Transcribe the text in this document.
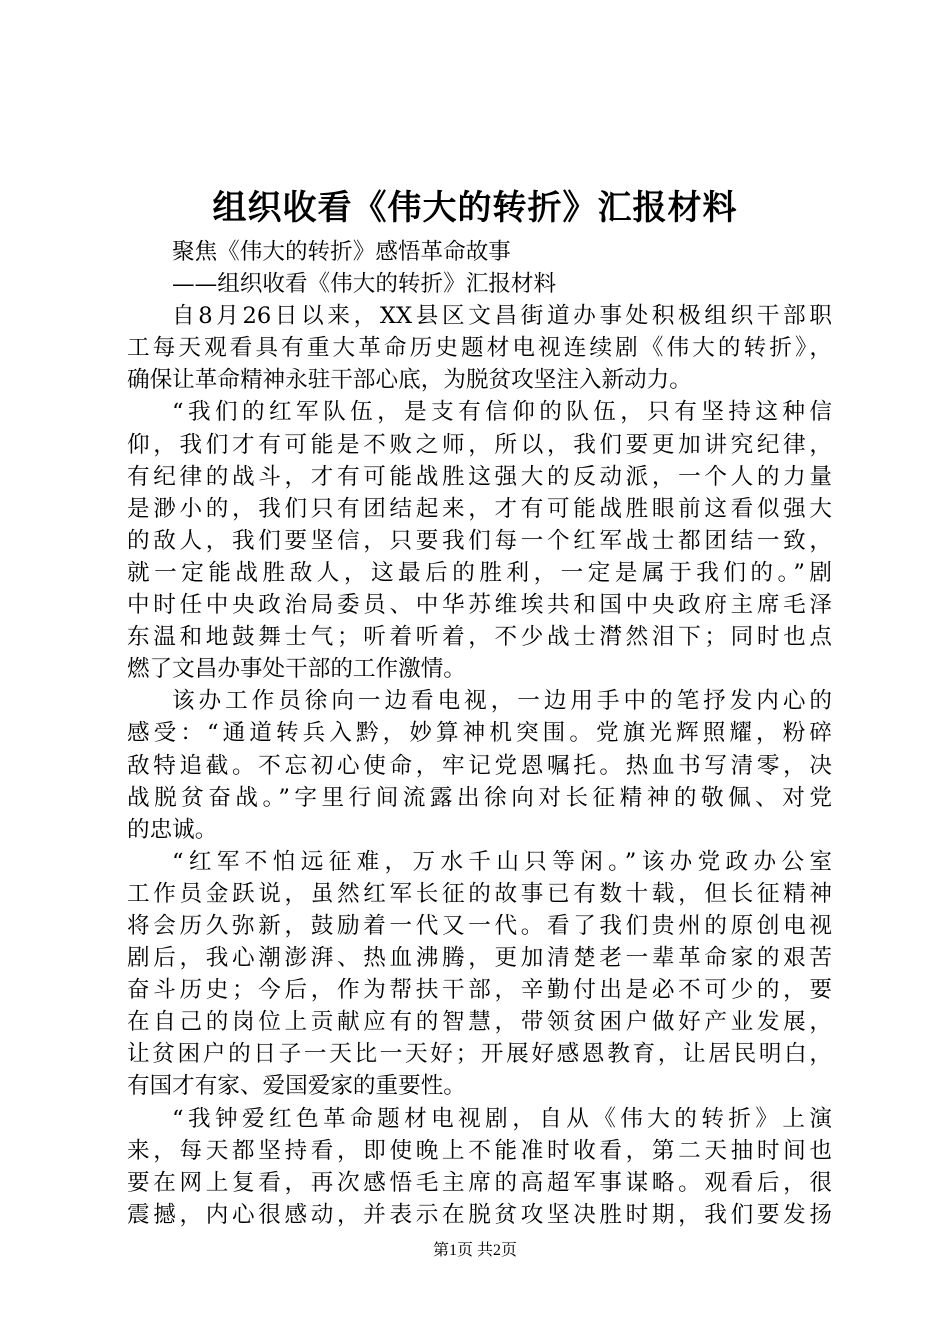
组织收看《伟大的转折》汇报材料

聚焦《伟大的转折》感悟革命故事

——组织收看《伟大的转折》汇报材料

自8月26日以来，XX县区文昌街道办事处积极组织干部职

工每天观看具有重大革命历史题材电视连续剧《伟大的转折》，

确保让革命精神永驻干部心底，为脱贫攻坚注入新动力。

“我们的红军队伍，是支有信仰的队伍，只有坚持这种信

仰，我们才有可能是不败之师，所以，我们要更加讲究纪律，

有纪律的战斗，才有可能战胜这强大的反动派，一个人的力量

是渺小的，我们只有团结起来，才有可能战胜眼前这看似强大

的敌人，我们要坚信，只要我们每一个红军战士都团结一致，

就一定能战胜敌人，这最后的胜利，一定是属于我们的。”剧

中时任中央政治局委员、中华苏维埃共和国中央政府主席毛泽

东温和地鼓舞士气；听着听着，不少战士潸然泪下；同时也点

燃了文昌办事处干部的工作激情。

该办工作员徐向一边看电视，一边用手中的笔抒发内心的

感受：“通道转兵入黔，妙算神机突围。党旗光辉照耀，粉碎

敌特追截。不忘初心使命，牢记党恩嘱托。热血书写清零，决

战脱贫奋战。”字里行间流露出徐向对长征精神的敬佩、对党

的忠诚。

“红军不怕远征难，万水千山只等闲。”该办党政办公室

工作员金跃说，虽然红军长征的故事已有数十载，但长征精神

将会历久弥新，鼓励着一代又一代。看了我们贵州的原创电视

剧后，我心潮澎湃、热血沸腾，更加清楚老一辈革命家的艰苦

奋斗历史；今后，作为帮扶干部，辛勤付出是必不可少的，要

在自己的岗位上贡献应有的智慧，带领贫困户做好产业发展，

让贫困户的日子一天比一天好；开展好感恩教育，让居民明白，

有国才有家、爱国爱家的重要性。

“我钟爱红色革命题材电视剧，自从《伟大的转折》上演

来，每天都坚持看，即使晚上不能准时收看，第二天抽时间也

要在网上复看，再次感悟毛主席的高超军事谋略。观看后，很

震撼，内心很感动，并表示在脱贫攻坚决胜时期，我们要发扬

第1页 共2页
